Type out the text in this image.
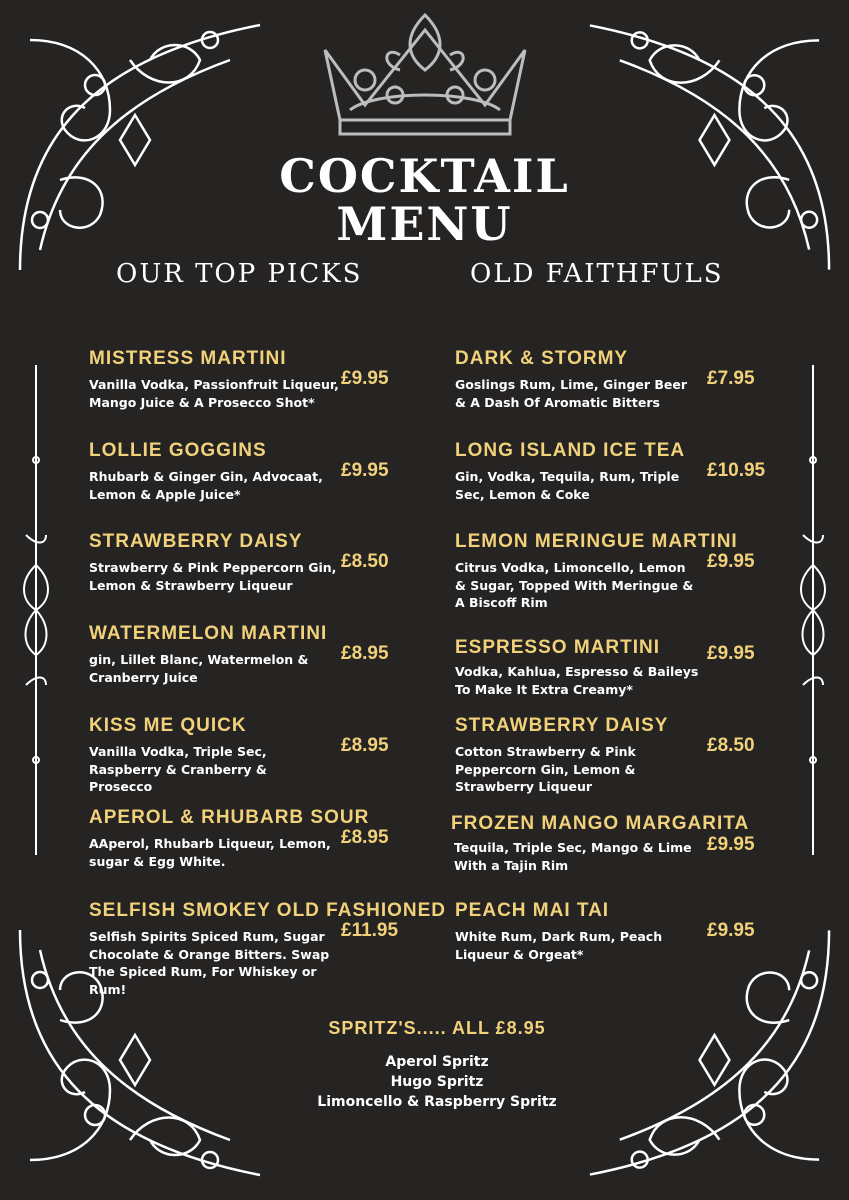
COCKTAIL
MENU
OUR TOP PICKS	OLD FAITHFULS
MISTRESS MARTINI
Vanilla Vodka, Passionfruit Liqueur, Mango Juice & A Prosecco Shot*
£9.95
LOLLIE GOGGINS
Rhubarb & Ginger Gin, Advocaat, Lemon & Apple Juice*
£9.95
STRAWBERRY DAISY
Strawberry & Pink Peppercorn Gin, Lemon & Strawberry Liqueur
£8.50
WATERMELON MARTINI
gin, Lillet Blanc, Watermelon & Cranberry Juice
£8.95
KISS ME QUICK
Vanilla Vodka, Triple Sec, Raspberry & Cranberry & Prosecco
£8.95
APEROL & RHUBARB SOUR
AAperol, Rhubarb Liqueur, Lemon, sugar & Egg White.
£8.95
SELFISH SMOKEY OLD FASHIONED
Selfish Spirits Spiced Rum, Sugar Chocolate & Orange Bitters. Swap The Spiced Rum, For Whiskey or Rum!
£11.95
DARK & STORMY
Goslings Rum, Lime, Ginger Beer & A Dash Of Aromatic Bitters
£7.95
LONG ISLAND ICE TEA
Gin, Vodka, Tequila, Rum, Triple Sec, Lemon & Coke
£10.95
LEMON MERINGUE MARTINI
Citrus Vodka, Limoncello, Lemon & Sugar, Topped With Meringue & A Biscoff Rim
£9.95
ESPRESSO MARTINI
Vodka, Kahlua, Espresso & Baileys To Make It Extra Creamy*
£9.95
STRAWBERRY DAISY
Cotton Strawberry & Pink Peppercorn Gin, Lemon & Strawberry Liqueur
£8.50
FROZEN MANGO MARGARITA
Tequila, Triple Sec, Mango & Lime With a Tajin Rim
£9.95
PEACH MAI TAI
White Rum, Dark Rum, Peach Liqueur & Orgeat*
£9.95
SPRITZ'S..... ALL £8.95
Aperol Spritz
Hugo Spritz
Limoncello & Raspberry Spritz
